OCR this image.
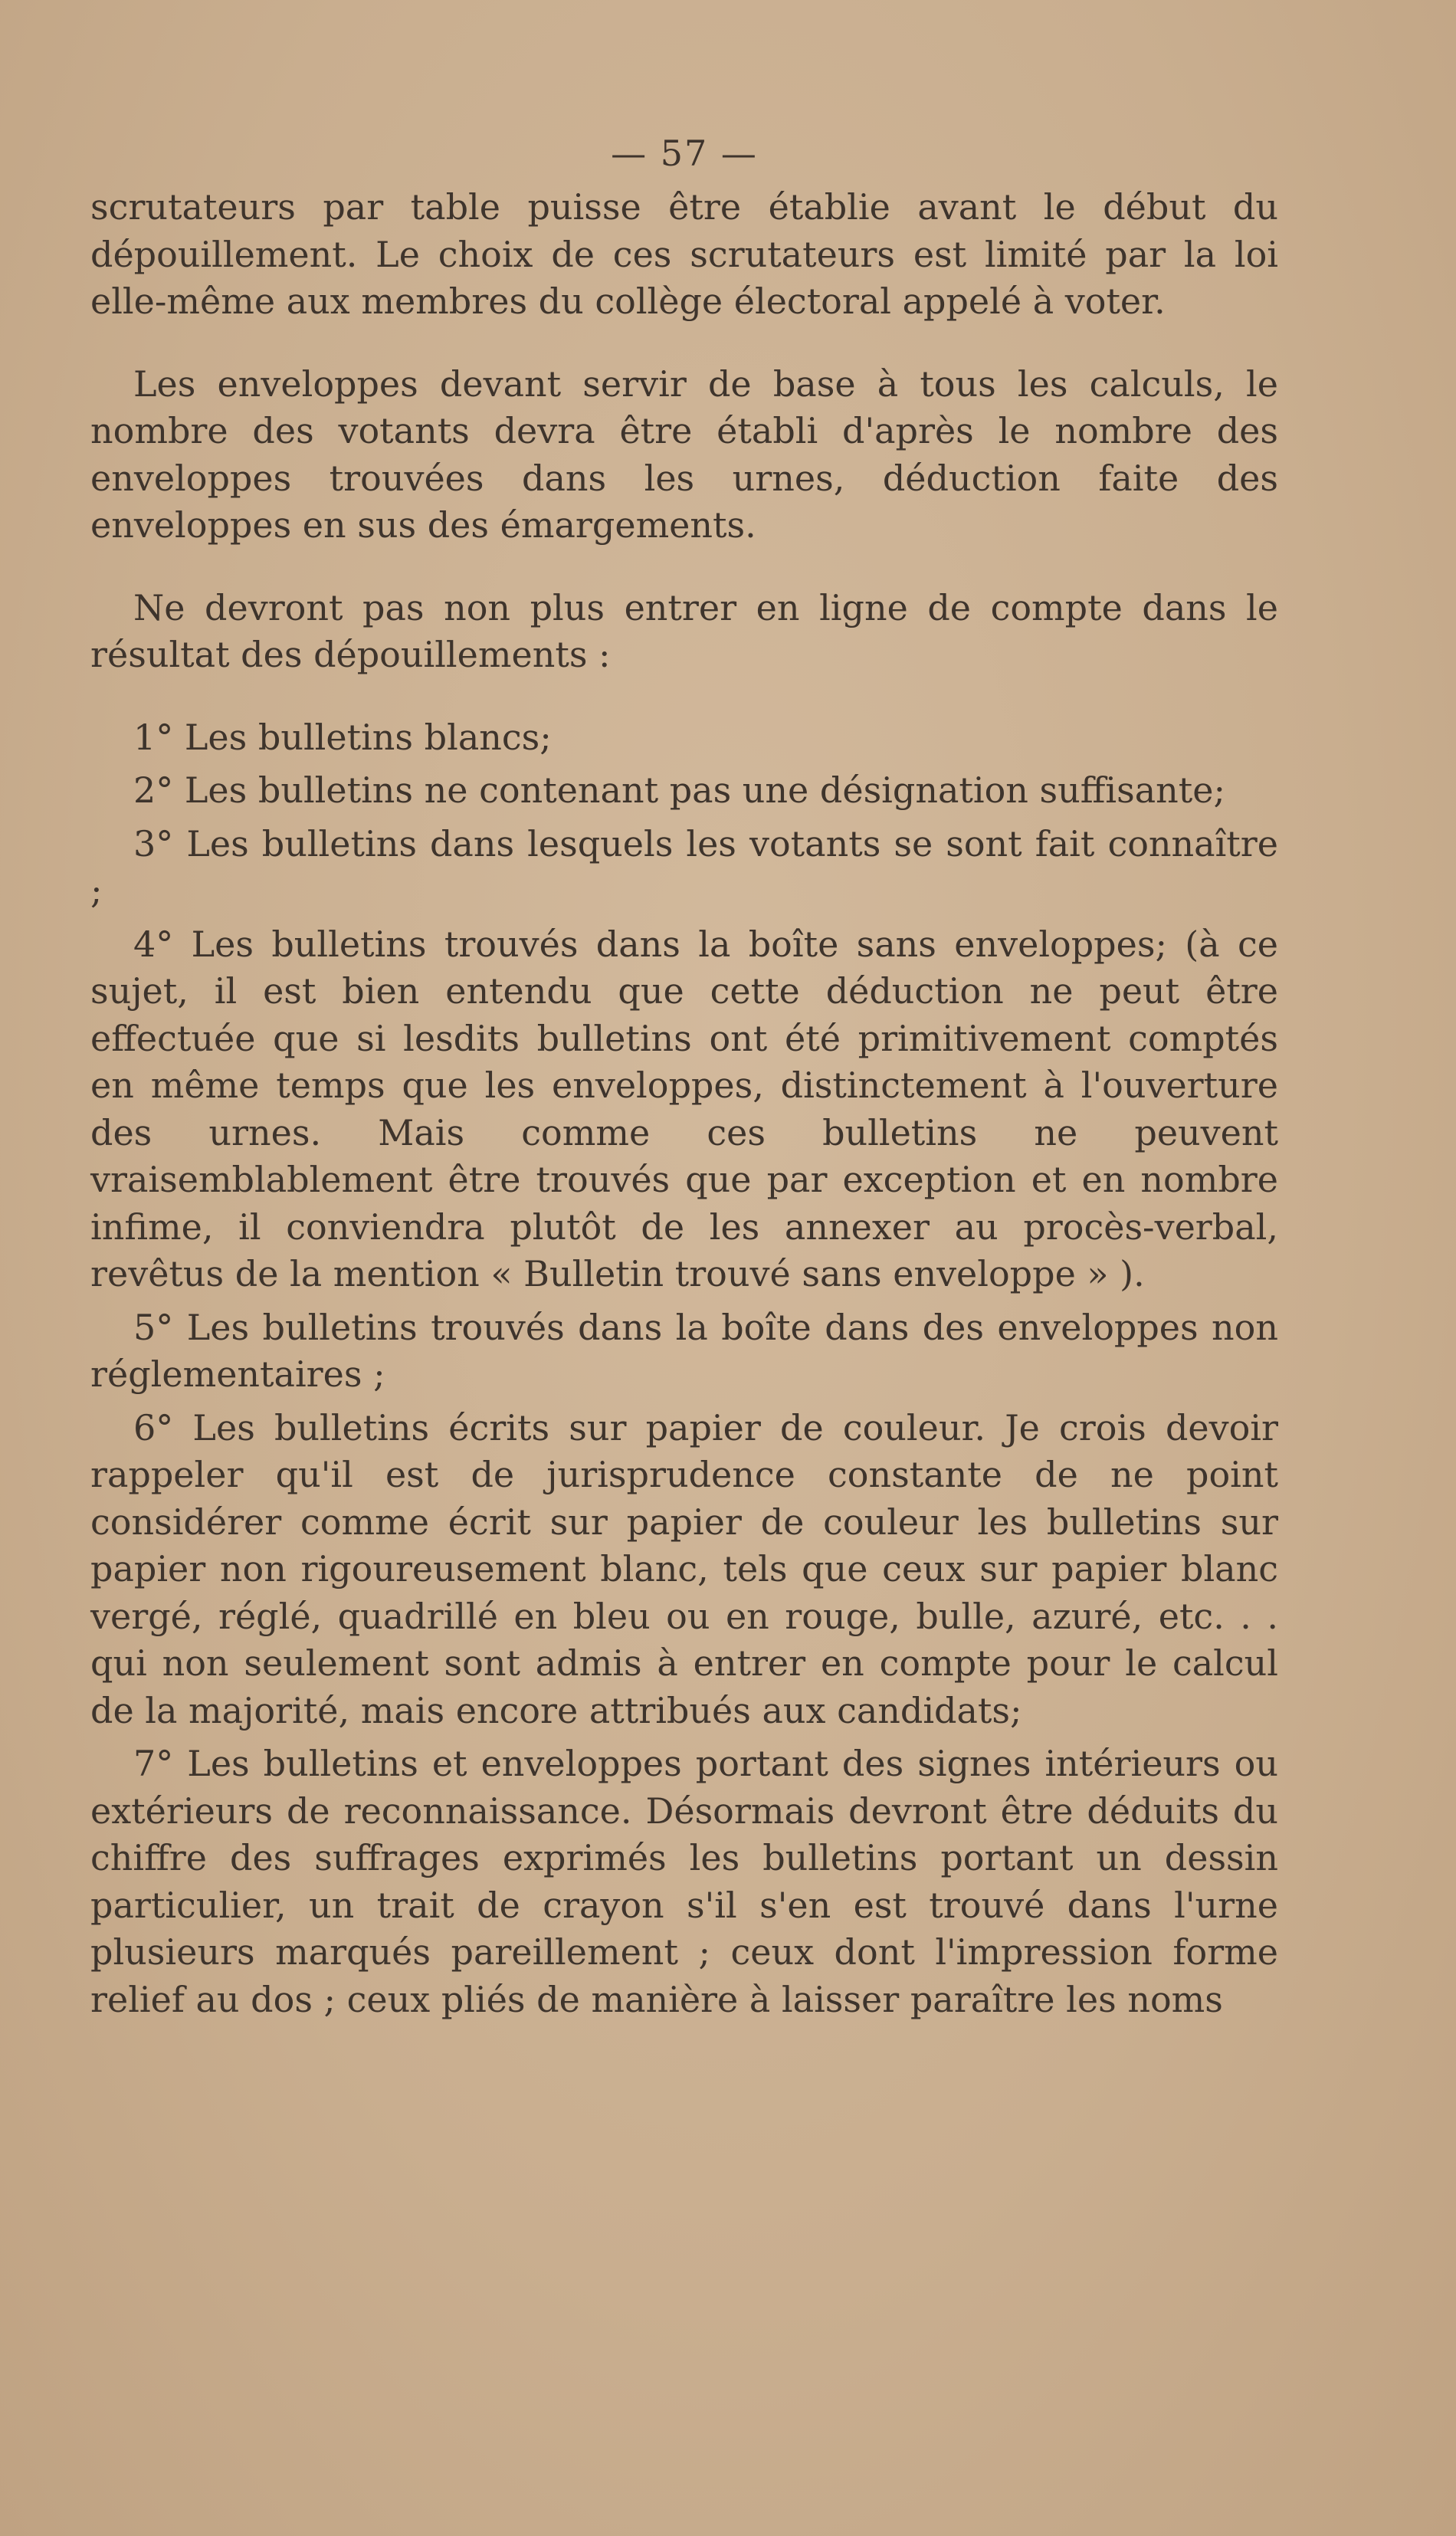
— 57 —

scrutateurs par table puisse être établie avant le début du dépouillement. Le choix de ces scrutateurs est limité par la loi elle-même aux membres du collège électoral appelé à voter.

Les enveloppes devant servir de base à tous les calculs, le nombre des votants devra être établi d'après le nombre des enveloppes trouvées dans les urnes, déduction faite des enveloppes en sus des émargements.

Ne devront pas non plus entrer en ligne de compte dans le résultat des dépouillements :

1° Les bulletins blancs;

2° Les bulletins ne contenant pas une désignation suffisante;

3° Les bulletins dans lesquels les votants se sont fait connaître ;

4° Les bulletins trouvés dans la boîte sans enveloppes; (à ce sujet, il est bien entendu que cette déduction ne peut être effectuée que si lesdits bulletins ont été primitivement comptés en même temps que les enveloppes, distinctement à l'ouverture des urnes. Mais comme ces bulletins ne peuvent vraisemblablement être trouvés que par exception et en nombre infime, il conviendra plutôt de les annexer au procès-verbal, revêtus de la mention « Bulletin trouvé sans enveloppe » ).

5° Les bulletins trouvés dans la boîte dans des enveloppes non réglementaires ;

6° Les bulletins écrits sur papier de couleur. Je crois devoir rappeler qu'il est de jurisprudence constante de ne point considérer comme écrit sur papier de couleur les bulletins sur papier non rigoureusement blanc, tels que ceux sur papier blanc vergé, réglé, quadrillé en bleu ou en rouge, bulle, azuré, etc. . . qui non seulement sont admis à entrer en compte pour le calcul de la majorité, mais encore attribués aux candidats;

7° Les bulletins et enveloppes portant des signes intérieurs ou extérieurs de reconnaissance. Désormais devront être déduits du chiffre des suffrages exprimés les bulletins portant un dessin particulier, un trait de crayon s'il s'en est trouvé dans l'urne plusieurs marqués pareillement ; ceux dont l'impression forme relief au dos ; ceux pliés de manière à laisser paraître les noms
